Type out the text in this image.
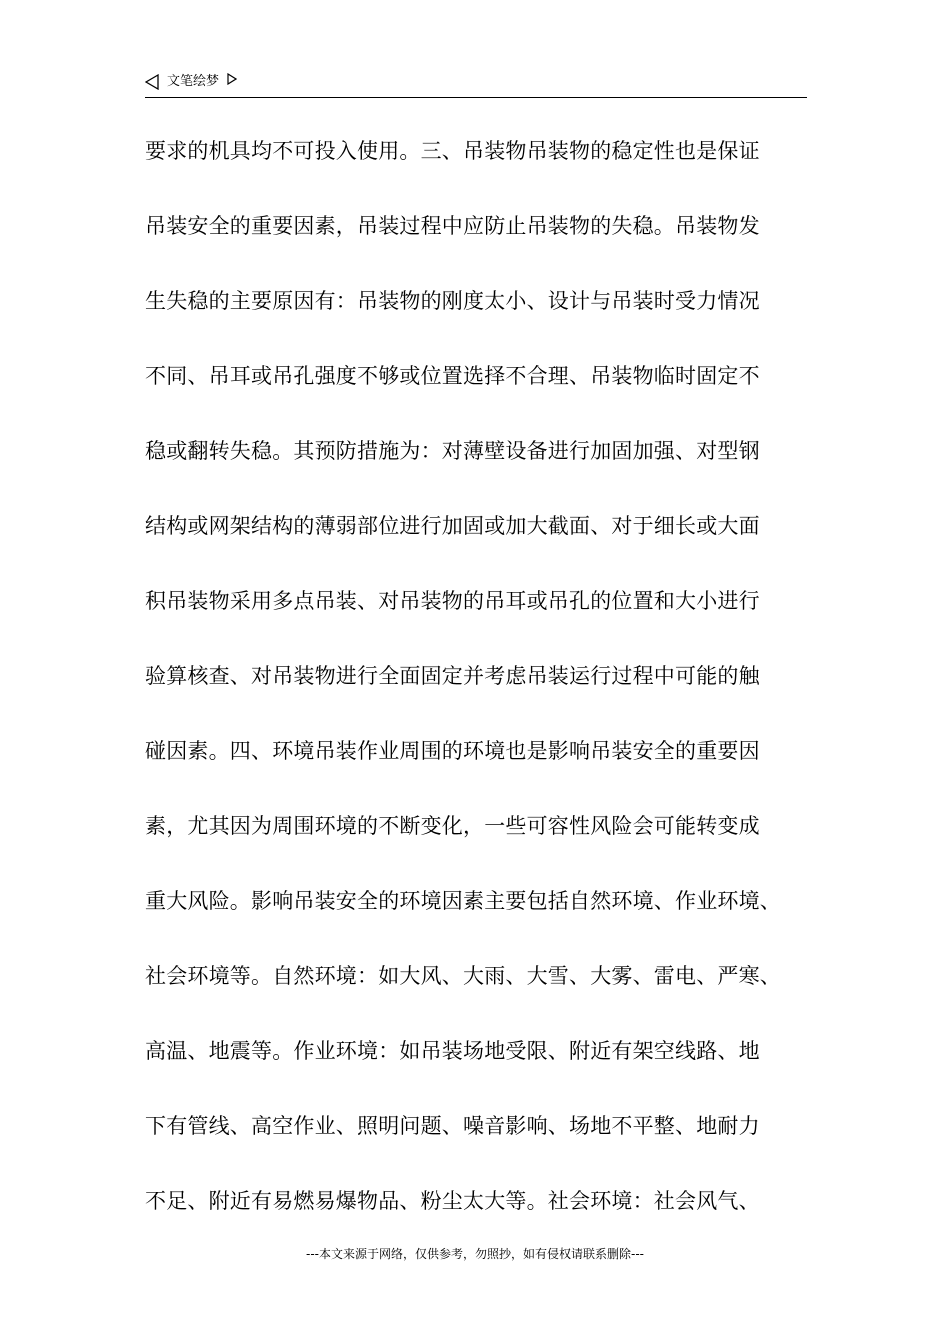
文笔绘梦
要求的机具均不可投入使用。三、吊装物吊装物的稳定性也是保证
吊装安全的重要因素，吊装过程中应防止吊装物的失稳。吊装物发
生失稳的主要原因有：吊装物的刚度太小、设计与吊装时受力情况
不同、吊耳或吊孔强度不够或位置选择不合理、吊装物临时固定不
稳或翻转失稳。其预防措施为：对薄壁设备进行加固加强、对型钢
结构或网架结构的薄弱部位进行加固或加大截面、对于细长或大面
积吊装物采用多点吊装、对吊装物的吊耳或吊孔的位置和大小进行
验算核查、对吊装物进行全面固定并考虑吊装运行过程中可能的触
碰因素。四、环境吊装作业周围的环境也是影响吊装安全的重要因
素，尤其因为周围环境的不断变化，一些可容性风险会可能转变成
重大风险。影响吊装安全的环境因素主要包括自然环境、作业环境、
社会环境等。自然环境：如大风、大雨、大雪、大雾、雷电、严寒、
高温、地震等。作业环境：如吊装场地受限、附近有架空线路、地
下有管线、高空作业、照明问题、噪音影响、场地不平整、地耐力
不足、附近有易燃易爆物品、粉尘太大等。社会环境：社会风气、
---本文来源于网络，仅供参考，勿照抄，如有侵权请联系删除---
